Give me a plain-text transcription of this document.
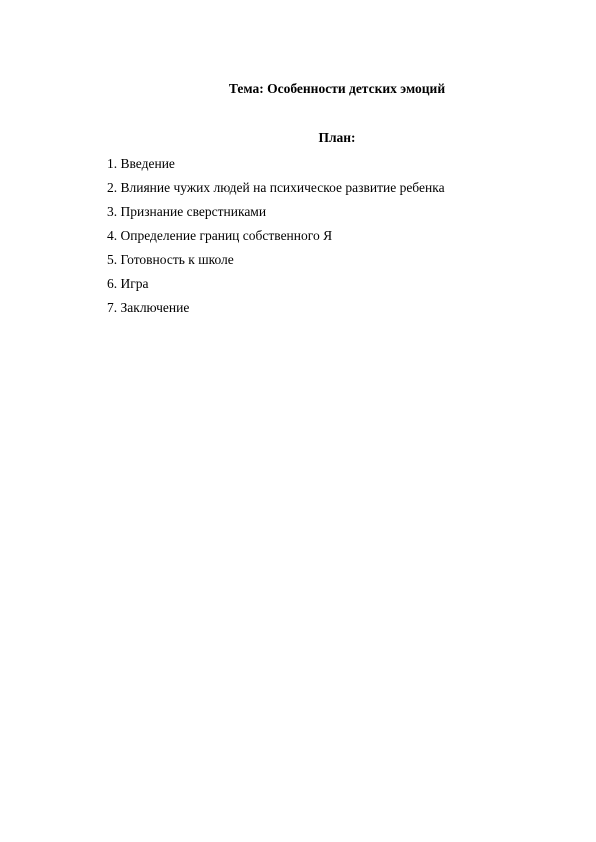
Тема: Особенности детских эмоций
План:
1. Введение
2. Влияние чужих людей на психическое развитие ребенка
3. Признание сверстниками
4. Определение границ собственного Я
5. Готовность к школе
6. Игра
7. Заключение
